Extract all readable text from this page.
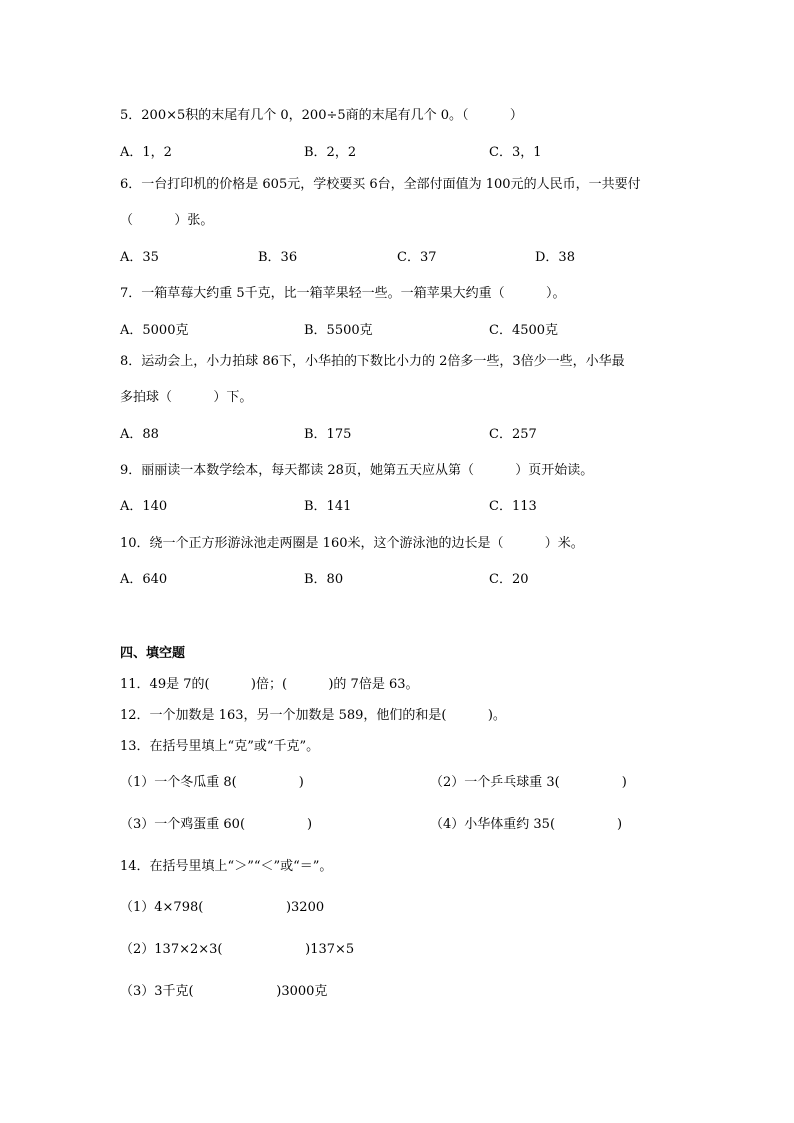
5．200×5积的末尾有几个 0，200÷5商的末尾有几个 0。（          ）
A．1，2	B．2，2	C．3，1
6．一台打印机的价格是 605元，学校要买 6台，全部付面值为 100元的人民币，一共要付
（          ）张。
A．35	B．36	C．37	D．38
7．一箱草莓大约重 5千克，比一箱苹果轻一些。一箱苹果大约重（          ）。
A．5000克	B．5500克	C．4500克
8．运动会上，小力拍球 86下，小华拍的下数比小力的 2倍多一些，3倍少一些，小华最
多拍球（          ）下。
A．88	B．175	C．257
9．丽丽读一本数学绘本，每天都读 28页，她第五天应从第（          ）页开始读。
A．140	B．141	C．113
10．绕一个正方形游泳池走两圈是 160米，这个游泳池的边长是（          ）米。
A．640	B．80	C．20
四、填空题
11．49是 7的(          )倍；(          )的 7倍是 63。
12．一个加数是 163，另一个加数是 589，他们的和是(          )。
13．在括号里填上“克”或“千克”。
（1）一个冬瓜重 8(               )	（2）一个乒乓球重 3(               )
（3）一个鸡蛋重 60(               )	（4）小华体重约 35(               )
14．在括号里填上“＞”“＜”或“＝”。
（1）4×798(                    )3200
（2）137×2×3(                    )137×5
（3）3千克(                    )3000克
